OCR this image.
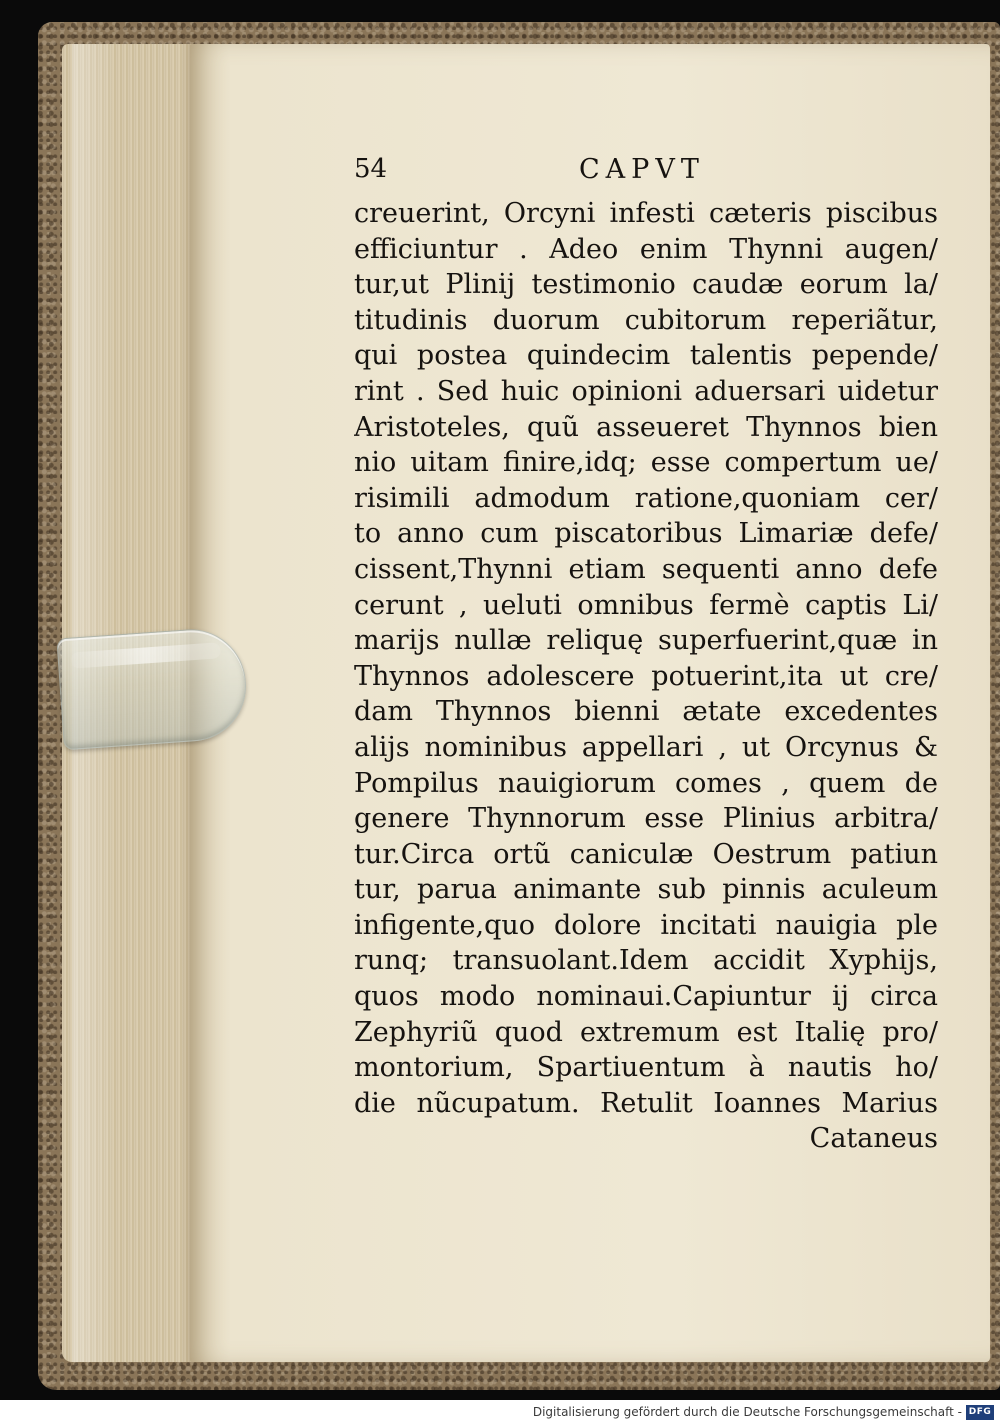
54	CAPVT
creuerint, Orcyni infesti cæteris piscibus
efficiuntur . Adeo enim Thynni augen/
tur,ut Plinij testimonio caudæ eorum la/
titudinis duorum cubitorum reperiãtur,
qui postea quindecim talentis pepende/
rint . Sed huic opinioni aduersari uidetur
Aristoteles, quũ asseueret Thynnos bien
nio uitam finire,idq; esse compertum ue/
risimili admodum ratione,quoniam cer/
to anno cum piscatoribus Limariæ defe/
cissent,Thynni etiam sequenti anno defe
cerunt , ueluti omnibus fermè captis Li/
marijs nullæ reliquę superfuerint,quæ in
Thynnos adolescere potuerint,ita ut cre/
dam Thynnos bienni ætate excedentes
alijs nominibus appellari , ut Orcynus &
Pompilus nauigiorum comes , quem de
genere Thynnorum esse Plinius arbitra/
tur.Circa ortũ caniculæ Oestrum patiun
tur, parua animante sub pinnis aculeum
infigente,quo dolore incitati nauigia ple
runq; transuolant.Idem accidit Xyphijs,
quos modo nominaui.Capiuntur ij circa
Zephyriũ quod extremum est Italię pro/
montorium, Spartiuentum à nautis ho/
die nũcupatum. Retulit Ioannes Marius
Cataneus
Digitalisierung gefördert durch die Deutsche Forschungsgemeinschaft - DFG
